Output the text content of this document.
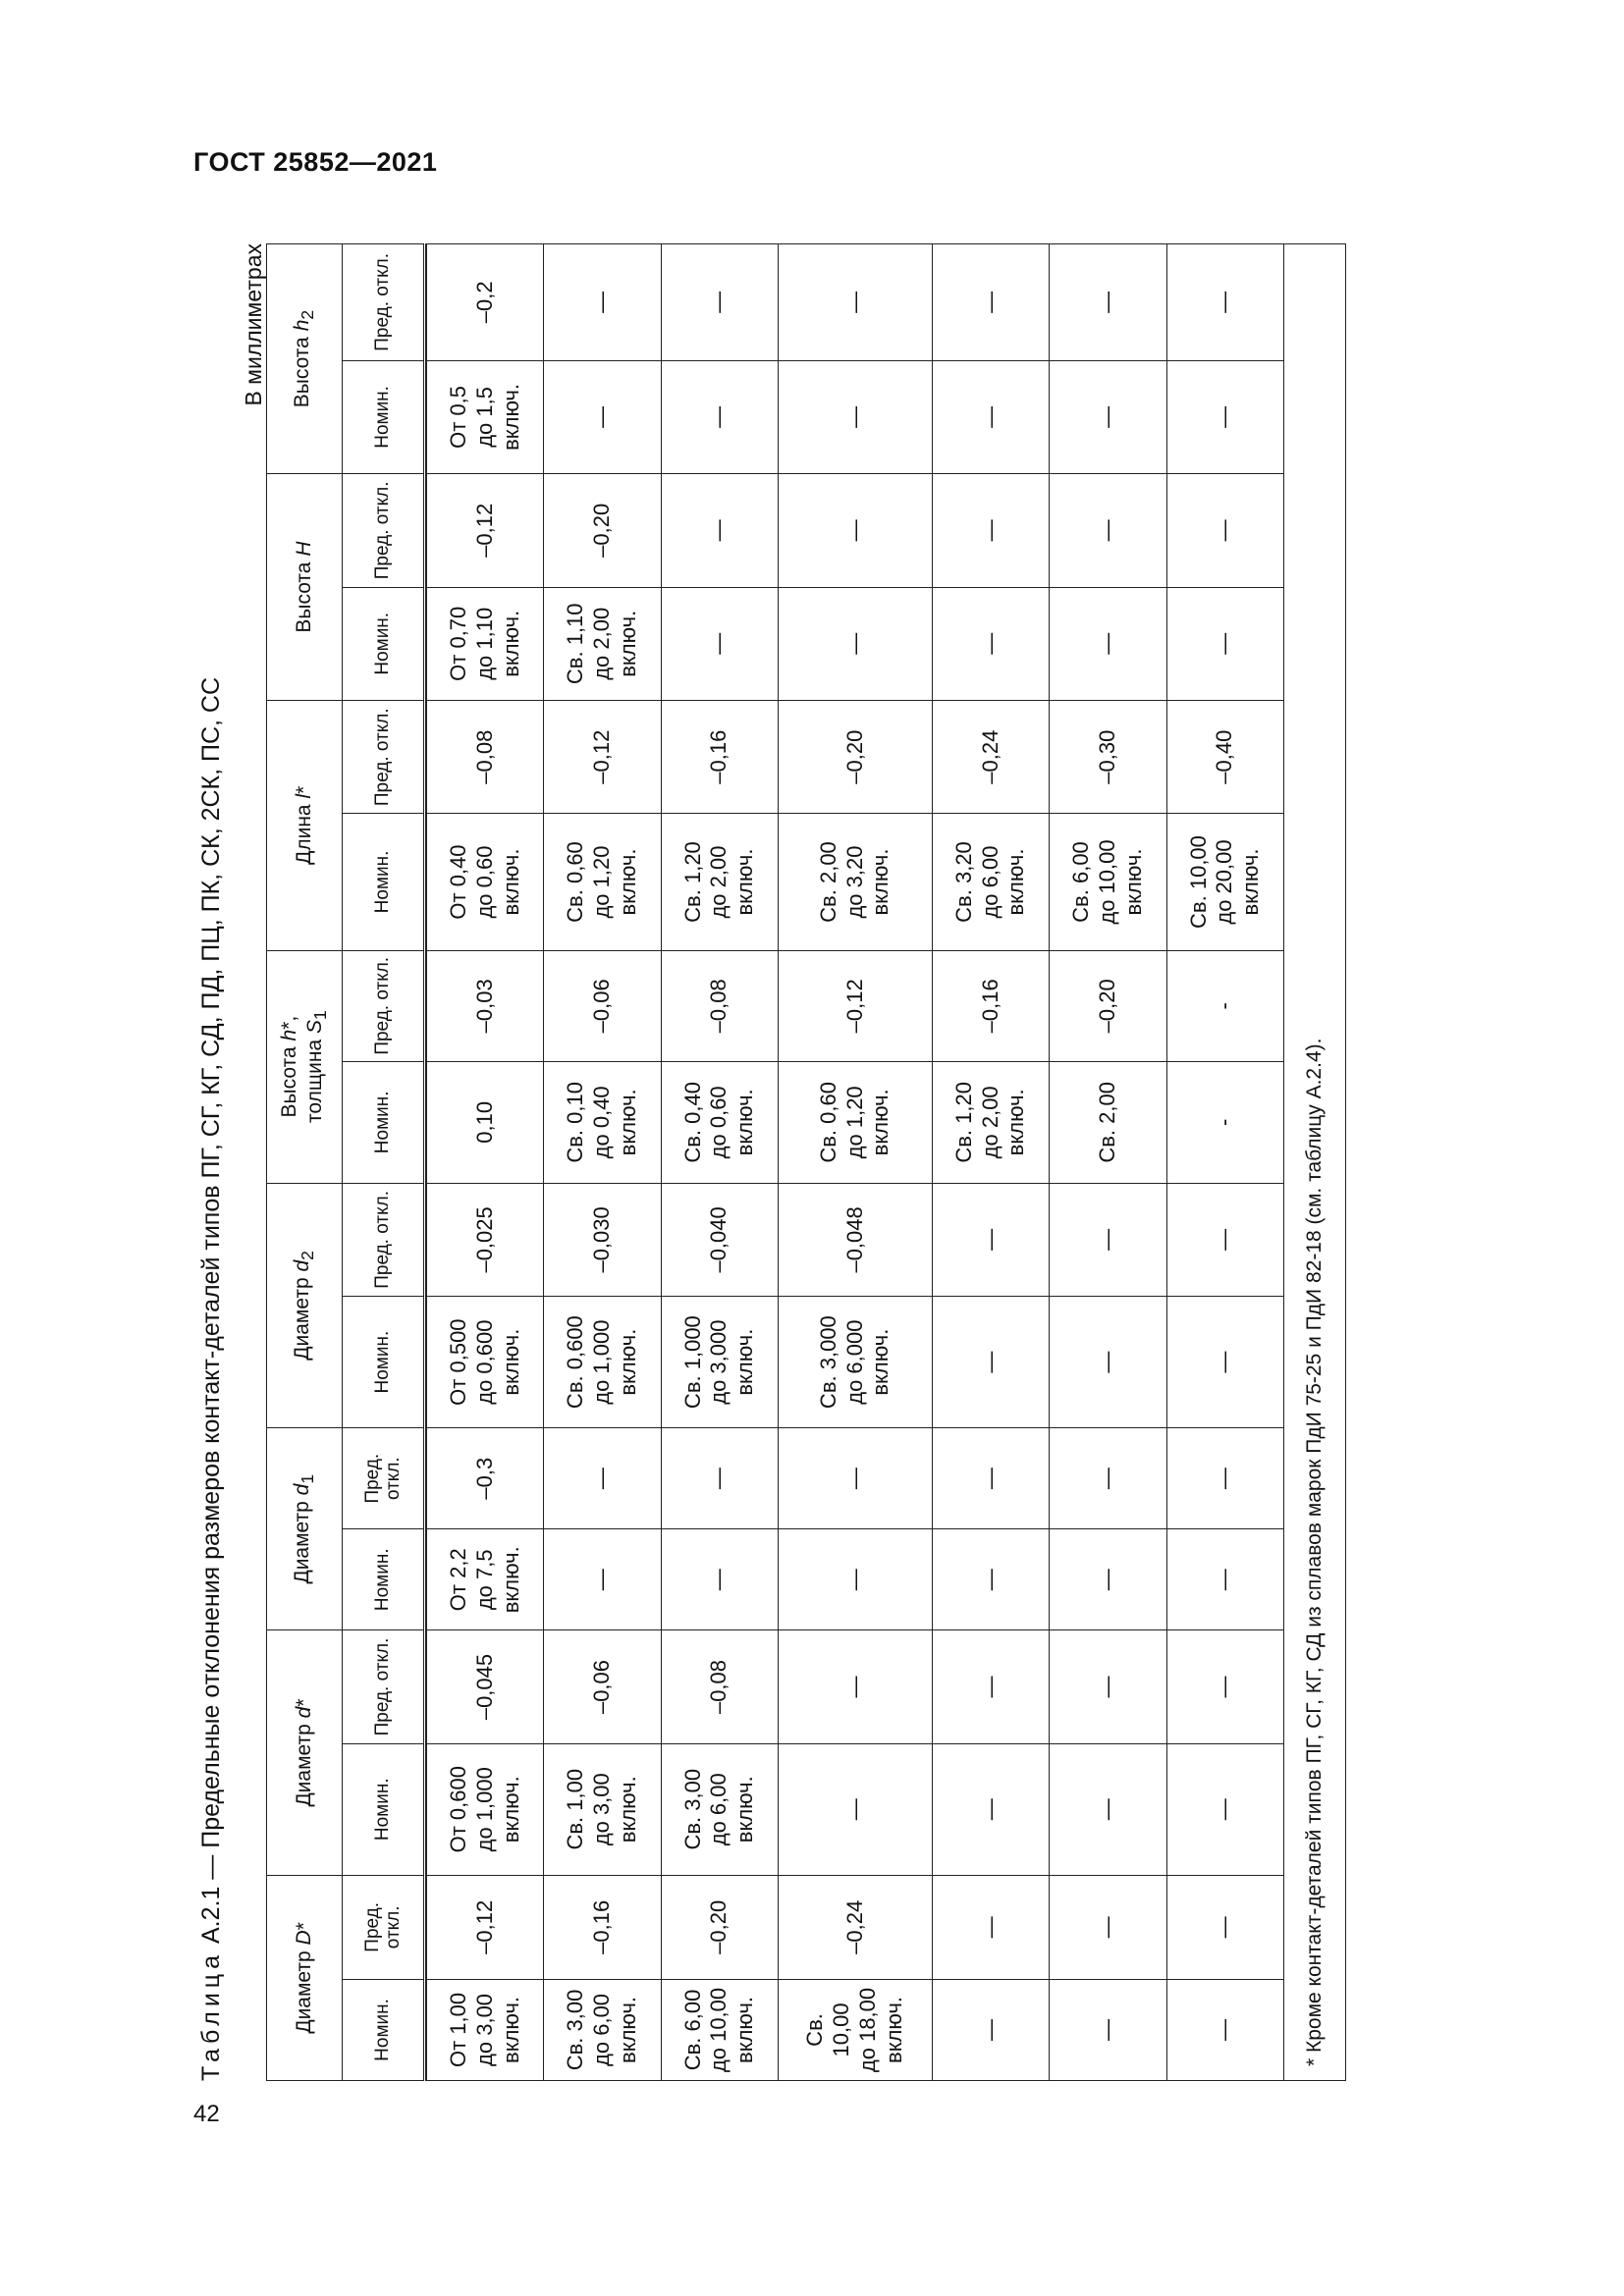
ГОСТ 25852—2021
42
Таблица А.2.1 — Предельные отклонения размеров контакт-деталей типов ПГ, СГ, КГ, СД, ПД, ПЦ, ПК, СК, 2СК, ПС, СС
В миллиметрах
Диаметр D*		Диаметр d*		Диаметр $d_1$		Диаметр $d_2$		Высота h*,
толщина $S_1$		Длина l*		Высота H		Высота $h_2$
Номин.	Пред. откл.	Номин.	Пред. откл.	Номин.	Пред. откл.	Номин.	Пред. откл.	Номин.	Пред. откл.	Номин.	Пред. откл.	Номин.	Пред. откл.	Номин.	Пред. откл.

От 1,00 до 3,00 включ.	–0,12	От 0,600 до 1,000 включ.	–0,045	От 2,2 до 7,5 включ.	–0,3	От 0,500 до 0,600 включ.	–0,025	0,10	–0,03	От 0,40 до 0,60 включ.	–0,08	От 0,70 до 1,10 включ.	–0,12	От 0,5 до 1,5 включ.	–0,2

Св. 3,00 до 6,00 включ.	–0,16	Св. 1,00 до 3,00 включ.	–0,06	—	—	Св. 0,600 до 1,000 включ.	–0,030	Св. 0,10 до 0,40 включ.	–0,06	Св. 0,60 до 1,20 включ.	–0,12	Св. 1,10 до 2,00 включ.	–0,20	—	—

Св. 6,00 до 10,00 включ.	–0,20	Св. 3,00 до 6,00 включ.	–0,08	—	—	Св. 1,000 до 3,000 включ.	–0,040	Св. 0,40 до 0,60 включ.	–0,08	Св. 1,20 до 2,00 включ.	–0,16	—	—	—	—

Св. 10,00 до 18,00 включ.	–0,24	—	—	—	—	Св. 3,000 до 6,000 включ.	–0,048	Св. 0,60 до 1,20 включ.	–0,12	Св. 2,00 до 3,20 включ.	–0,20	—	—	—	—

—	—	—	—	—	—	—	—	Св. 1,20 до 2,00 включ.	–0,16	Св. 3,20 до 6,00 включ.	–0,24	—	—	—	—

—	—	—	—	—	—	—	—	Св. 2,00	–0,20	Св. 6,00 до 10,00 включ.	–0,30	—	—	—	—

—	—	—	—	—	—	—	—	-	-	Св. 10,00 до 20,00 включ.	–0,40	—	—	—	—
* Кроме контакт-деталей типов ПГ, СГ, КГ, СД из сплавов марок ПдИ 75-25 и ПдИ 82-18 (см. таблицу А.2.4).															
